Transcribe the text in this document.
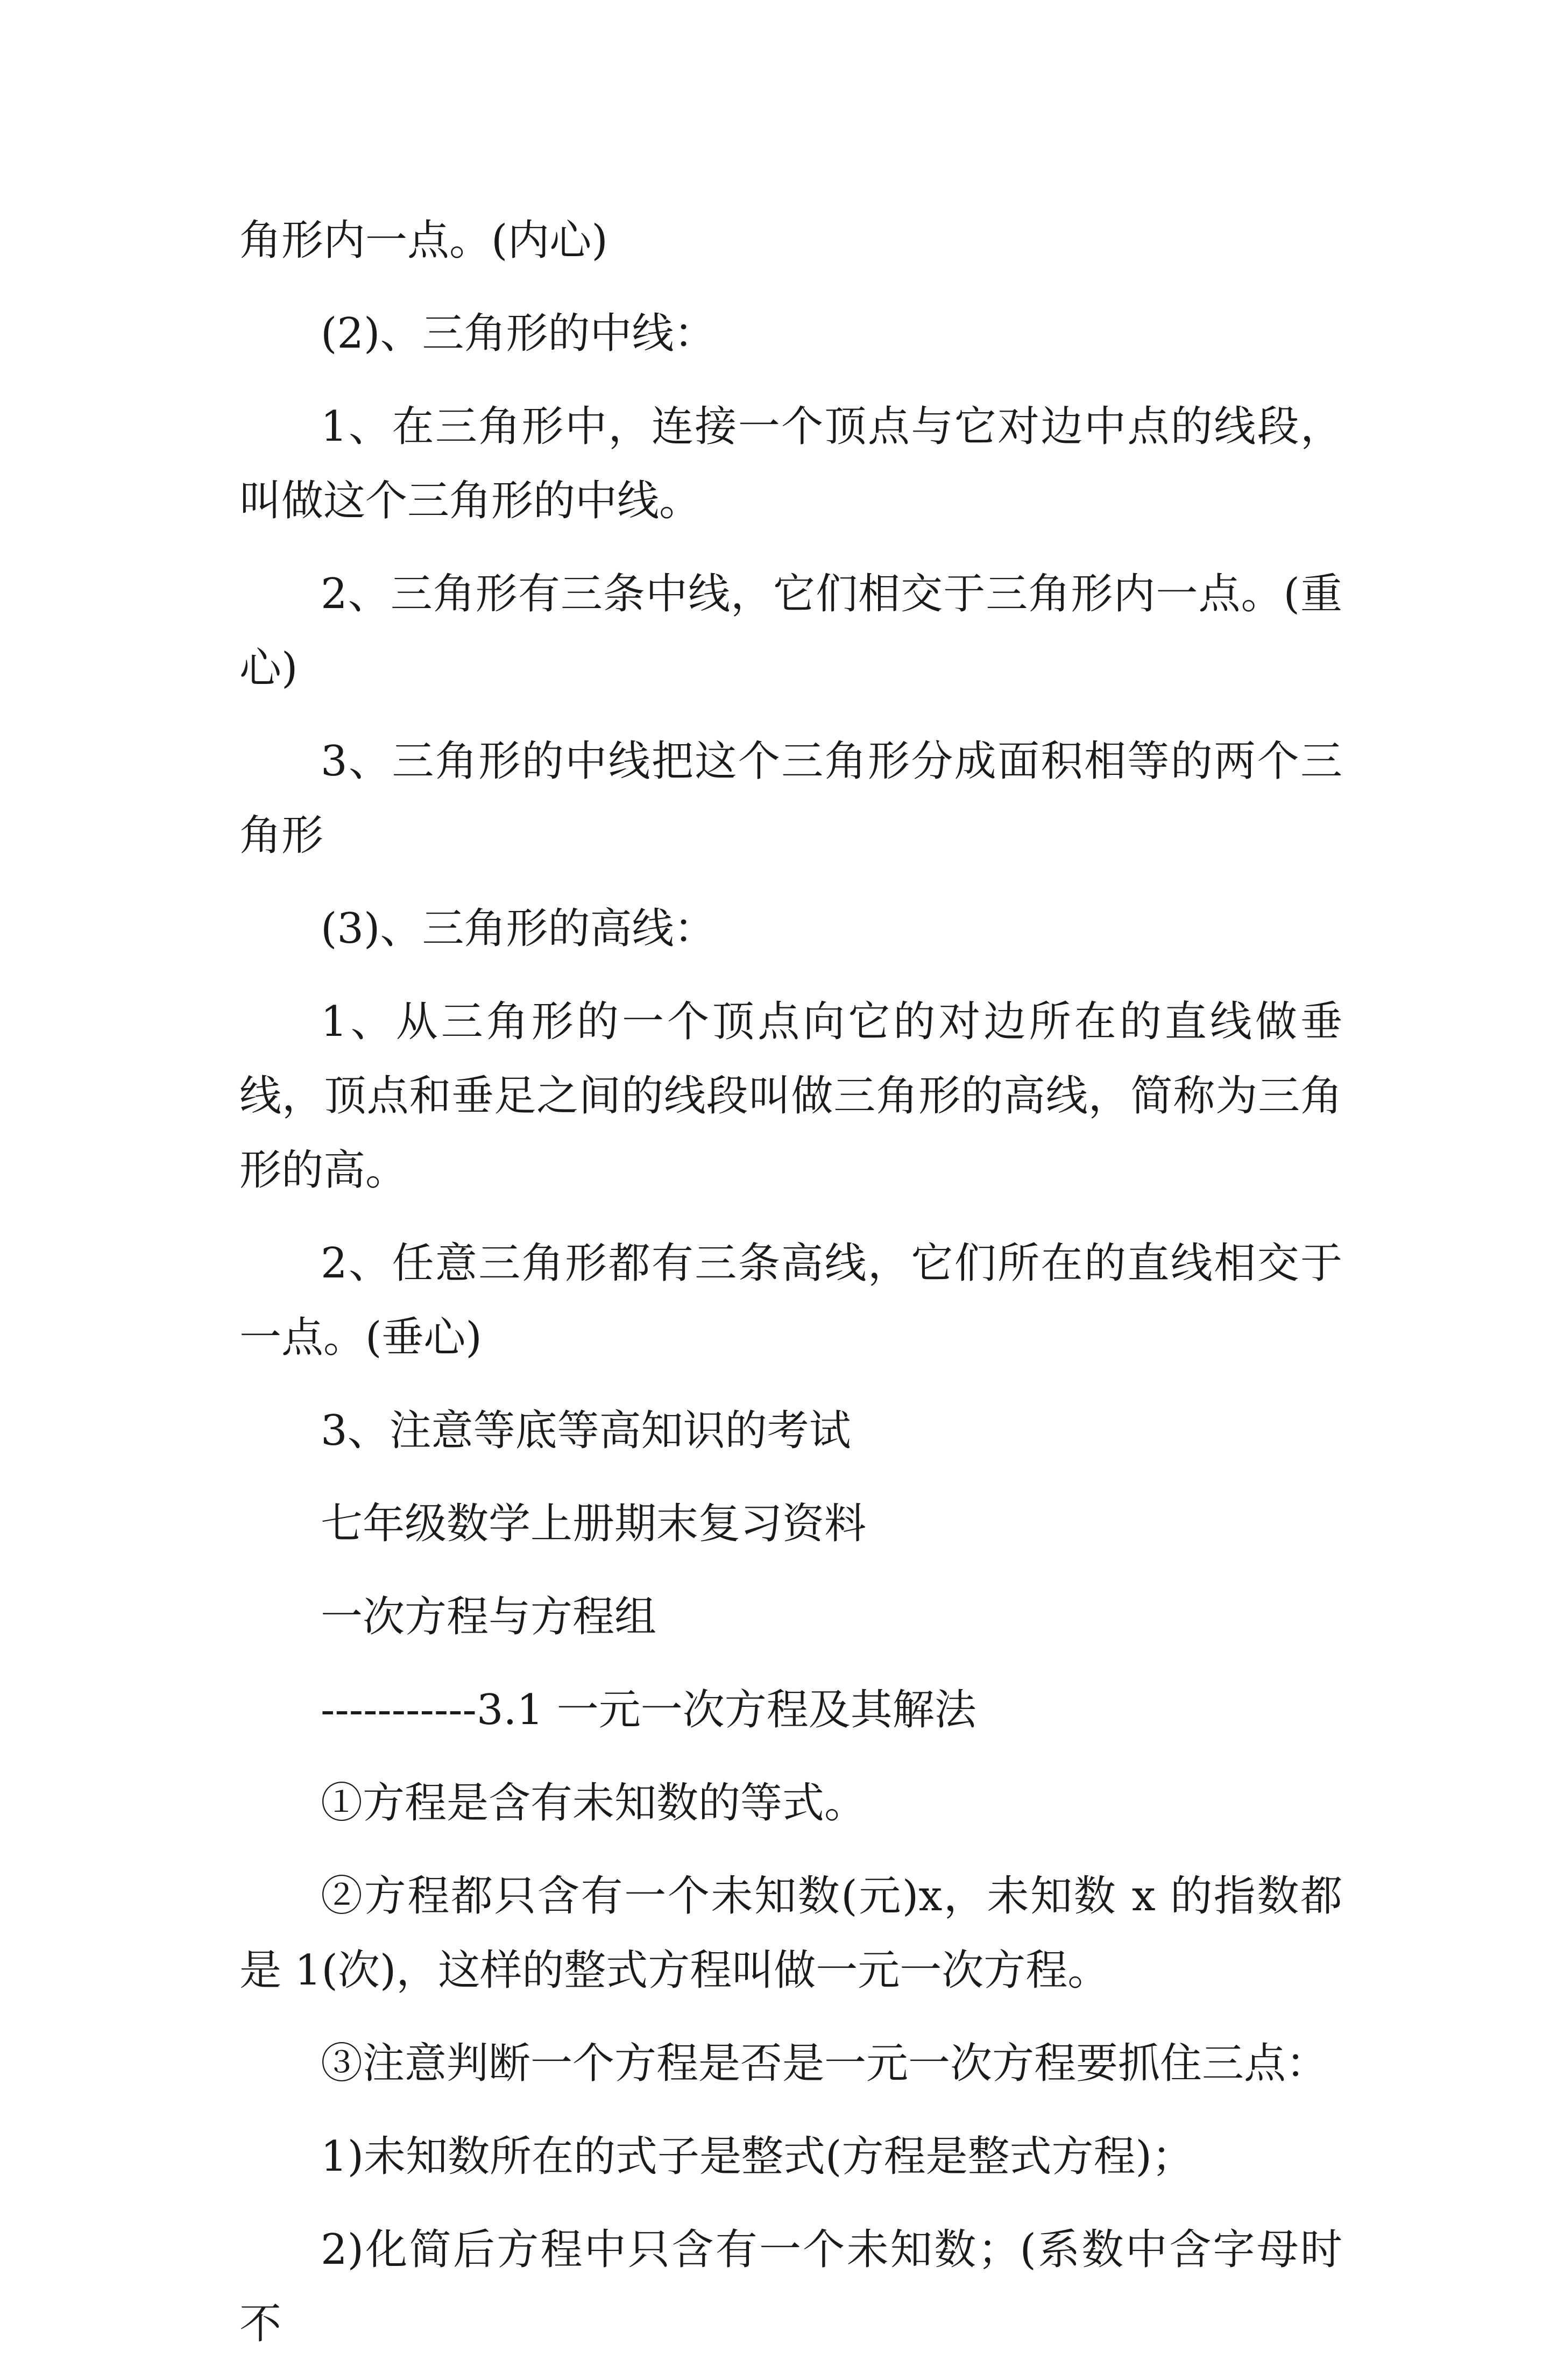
角形内一点。(内心)

(2)、三角形的中线：

1、在三角形中，连接一个顶点与它对边中点的线段，叫做这个三角形的中线。

2、三角形有三条中线，它们相交于三角形内一点。(重心)

3、三角形的中线把这个三角形分成面积相等的两个三角形

(3)、三角形的高线：

1、从三角形的一个顶点向它的对边所在的直线做垂线，顶点和垂足之间的线段叫做三角形的高线，简称为三角形的高。

2、任意三角形都有三条高线，它们所在的直线相交于一点。(垂心)

3、注意等底等高知识的考试

七年级数学上册期末复习资料

一次方程与方程组

-----------3.1 一元一次方程及其解法

①方程是含有未知数的等式。

②方程都只含有一个未知数(元)x，未知数 x 的指数都是 1(次)，这样的整式方程叫做一元一次方程。

③注意判断一个方程是否是一元一次方程要抓住三点：

1)未知数所在的式子是整式(方程是整式方程)；

2)化简后方程中只含有一个未知数；(系数中含字母时不
